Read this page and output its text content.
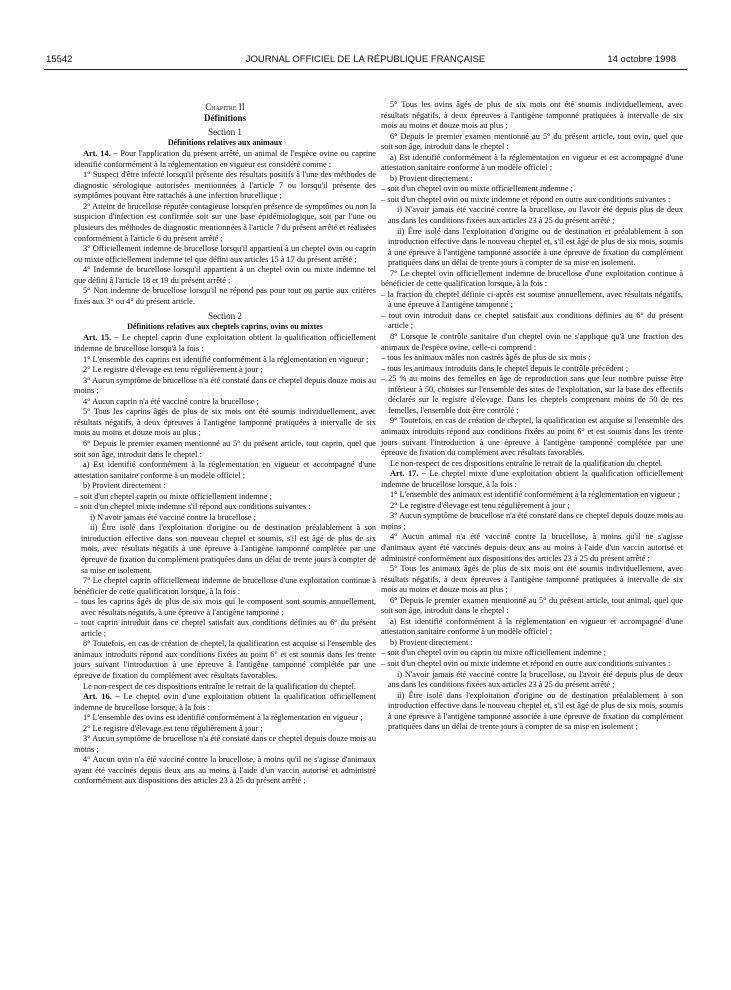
15542	JOURNAL OFFICIEL DE LA RÉPUBLIQUE FRANÇAISE	14 octobre 1998

Chapitre II

Définitions

Section 1

Définitions relatives aux animaux

Art. 14. – Pour l'application du présent arrêté, un animal de l'espèce ovine ou caprine identifié conformément à la réglementation en vigueur est considéré comme :

1° Suspect d'être infecté lorsqu'il présente des résultats positifs à l'une des méthodes de diagnostic sérologique autorisées mentionnées à l'article 7 ou lorsqu'il présente des symptômes pouvant être rattachés à une infection brucellique ;

2° Atteint de brucellose réputée contagieuse lorsqu'en présence de symptômes ou non la suspicion d'infection est confirmée soit sur une base épidémiologique, soit par l'une ou plusieurs des méthodes de diagnostic mentionnées à l'article 7 du présent arrêté et réalisées conformément à l'article 6 du présent arrêté ;

3° Officiellement indemne de brucellose lorsqu'il appartient à un cheptel ovin ou caprin ou mixte officiellement indemne tel que défini aux articles 15 à 17 du présent arrêté ;

4° Indemne de brucellose lorsqu'il appartient à un cheptel ovin ou mixte indemne tel que défini à l'article 18 et 19 du présent arrêté ;

5° Non indemne de brucellose lorsqu'il ne répond pas pour tout ou partie aux critères fixés aux 3° ou 4° du présent article.

Section 2

Définitions relatives aux cheptels caprins, ovins ou mixtes

Art. 15. – Le cheptel caprin d'une exploitation obtient la qualification officiellement indemne de brucellose lorsqu'à la fois :

1° L'ensemble des caprins est identifié conformément à la réglementation en vigueur ;

2° Le registre d'élevage est tenu régulièrement à jour ;

3° Aucun symptôme de brucellose n'a été constaté dans ce cheptel depuis douze mois au moins ;

4° Aucun caprin n'a été vacciné contre la brucellose ;

5° Tous les caprins âgés de plus de six mois ont été soumis individuellement, avec résultats négatifs, à deux épreuves à l'antigène tamponné pratiquées à intervalle de six mois au moins et douze mois au plus ;

6° Depuis le premier examen mentionné au 5° du présent article, tout caprin, quel que soit son âge, introduit dans le cheptel :

a) Est identifié conformément à la réglementation en vigueur et accompagné d'une attestation sanitaire conforme à un modèle officiel ;

b) Provient directement :

– soit d'un cheptel caprin ou mixte officiellement indemne ;

– soit d'un cheptel mixte indemne s'il répond aux conditions suivantes :

i) N'avoir jamais été vacciné contre la brucellose ;

ii) Être isolé dans l'exploitation d'origine ou de destination préalablement à son introduction effective dans son nouveau cheptel et soumis, s'il est âgé de plus de six mois, avec résultats négatifs à une épreuve à l'antigène tamponné complétée par une épreuve de fixation du complément pratiquées dans un délai de trente jours à compter de sa mise en isolement.

7° Le cheptel caprin officiellement indemne de brucellose d'une exploitation continue à bénéficier de cette qualification lorsque, à la fois :

– tous les caprins âgés de plus de six mois qui le composent sont soumis annuellement, avec résultats négatifs, à une épreuve à l'antigène tamponné ;

– tout caprin introduit dans ce cheptel satisfait aux conditions définies au 6° du présent article ;

8° Toutefois, en cas de création de cheptel, la qualification est acquise si l'ensemble des animaux introduits répond aux conditions fixées au point 6° et est soumis dans les trente jours suivant l'introduction à une épreuve à l'antigène tamponné complétée par une épreuve de fixation du complément avec résultats favorables.

Le non-respect de ces dispositions entraîne le retrait de la qualification du cheptel.

Art. 16. – Le cheptel ovin d'une exploitation obtient la qualification officiellement indemne de brucellose lorsque, à la fois :

1° L'ensemble des ovins est identifié conformément à la réglementation en vigueur ;

2° Le registre d'élevage est tenu régulièrement à jour ;

3° Aucun symptôme de brucellose n'a été constaté dans ce cheptel depuis douze mois au moins ;

4° Aucun ovin n'a été vacciné contre la brucellose, à moins qu'il ne s'agisse d'animaux ayant été vaccinés depuis deux ans au moins à l'aide d'un vaccin autorisé et administré conformément aux dispositions des articles 23 à 25 du présent arrêté ;

5° Tous les ovins âgés de plus de six mois ont été soumis individuellement, avec résultats négatifs, à deux épreuves à l'antigène tamponné pratiquées à intervalle de six mois au moins et douze mois au plus ;

6° Depuis le premier examen mentionné au 5° du présent article, tout ovin, quel que soit son âge, introduit dans le cheptel :

a) Est identifié conformément à la réglementation en vigueur et est accompagné d'une attestation sanitaire conforme à un modèle officiel ;

b) Provient directement :

– soit d'un cheptel ovin ou mixte officiellement indemne ;

– soit d'un cheptel ovin ou mixte indemne et répond en outre aux conditions suivantes :

i) N'avoir jamais été vacciné contre la brucellose, ou l'avoir été depuis plus de deux ans dans les conditions fixées aux articles 23 à 25 du présent arrêté ;

ii) Être isolé dans l'exploitation d'origine ou de destination et préalablement à son introduction effective dans le nouveau cheptel et, s'il est âgé de plus de six mois, soumis à une épreuve à l'antigène tamponné associée à une épreuve de fixation du complément pratiquées dans un délai de trente jours à compter de sa mise en isolement.

7° Le cheptel ovin officiellement indemne de brucellose d'une exploitation continue à bénéficier de cette qualification lorsque, à la fois :

– la fraction du cheptel définie ci-après est soumise annuellement, avec résultats négatifs, à une épreuve à l'antigène tamponné ;

– tout ovin introduit dans ce cheptel satisfait aux conditions définies au 6° du présent article ;

8° Lorsque le contrôle sanitaire d'un cheptel ovin ne s'applique qu'à une fraction des animaux de l'espèce ovine, celle-ci comprend :

– tous les animaux mâles non castrés âgés de plus de six mois ;

– tous les animaux introduits dans le cheptel depuis le contrôle précédent ;

– 25 % au moins des femelles en âge de reproduction sans que leur nombre puisse être inférieur à 50, choisies sur l'ensemble des sites de l'exploitation, sur la base des effectifs déclarés sur le registre d'élevage. Dans les cheptels comprenant moins de 50 de ces femelles, l'ensemble doit être contrôlé ;

9° Toutefois, en cas de création de cheptel, la qualification est acquise si l'ensemble des animaux introduits répond aux conditions fixées au point 6° et est soumis dans les trente jours suivant l'introduction à une épreuve à l'antigène tamponné complétée par une épreuve de fixation du complément avec résultats favorables.

Le non-respect de ces dispositions entraîne le retrait de la qualification du cheptel.

Art. 17. – Le cheptel mixte d'une exploitation obtient la qualification officiellement indemne de brucellose lorsque, à la fois :

1° L'ensemble des animaux est identifié conformément à la réglementation en vigueur ;

2° Le registre d'élevage est tenu régulièrement à jour ;

3° Aucun symptôme de brucellose n'a été constaté dans ce cheptel depuis douze mois au moins ;

4° Aucun animal n'a été vacciné contre la brucellose, à moins qu'il ne s'agisse d'animaux ayant été vaccinés depuis deux ans au moins à l'aide d'un vaccin autorisé et administré conformément aux dispositions des articles 23 à 25 du présent arrêté ;

5° Tous les animaux âgés de plus de six mois ont été soumis individuellement, avec résultats négatifs, à deux épreuves à l'antigène tamponné pratiquées à intervalle de six mois au moins et douze mois au plus ;

6° Depuis le premier examen mentionné au 5° du présent article, tout animal, quel que soit son âge, introduit dans le cheptel :

a) Est identifié conformément à la réglementation en vigueur et accompagné d'une attestation sanitaire conforme à un modèle officiel ;

b) Provient directement :

– soit d'un cheptel ovin ou caprin ou mixte officiellement indemne ;

– soit d'un cheptel ovin ou mixte indemne et répond en outre aux conditions suivantes :

i) N'avoir jamais été vacciné contre la brucellose, ou l'avoir été depuis plus de deux ans dans les conditions fixées aux articles 23 à 25 du présent arrêté ;

ii) Être isolé dans l'exploitation d'origine ou de destination préalablement à son introduction effective dans le nouveau cheptel et, s'il est âgé de plus de six mois, soumis à une épreuve à l'antigène tamponné associée à une épreuve de fixation du complément pratiquées dans un délai de trente jours à compter de sa mise en isolement ;
